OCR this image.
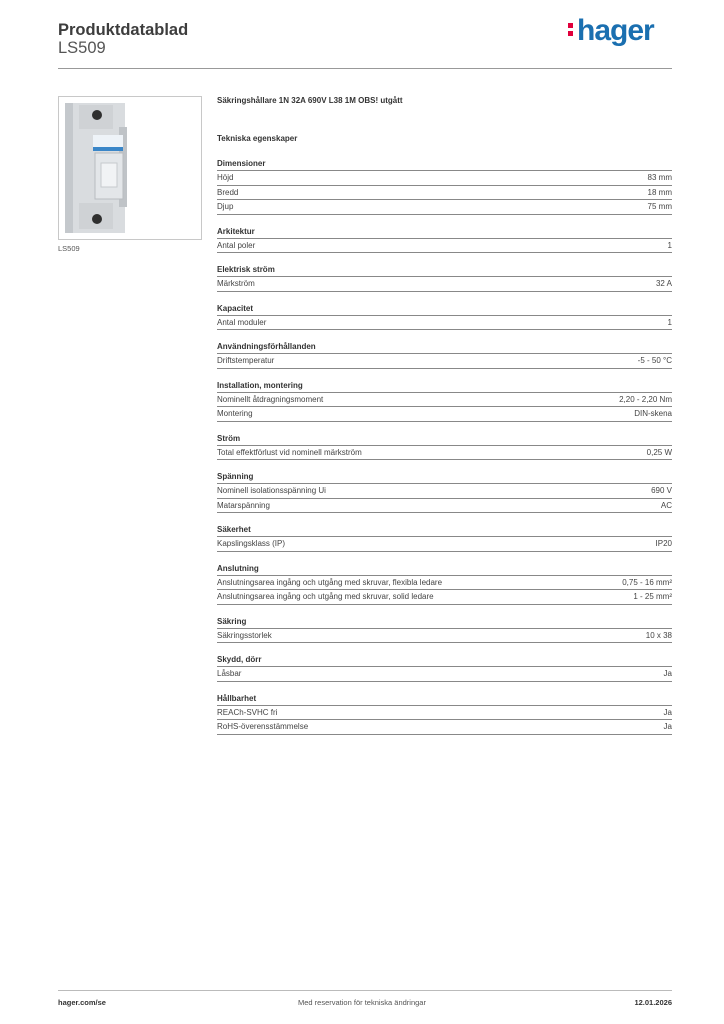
Produktdatablad
LS509
hager
LS509
Säkringshållare 1N 32A 690V L38 1M OBS! utgått
Tekniska egenskaper
Dimensioner
Höjd	83 mm
Bredd	18 mm
Djup	75 mm
Arkitektur
Antal poler	1
Elektrisk ström
Märkström	32 A
Kapacitet
Antal moduler	1
Användningsförhållanden
Driftstemperatur	-5 - 50 °C
Installation, montering
Nominellt åtdragningsmoment	2,20 - 2,20 Nm
Montering	DIN-skena
Ström
Total effektförlust vid nominell märkström	0,25 W
Spänning
Nominell isolationsspänning Ui	690 V
Matarspänning	AC
Säkerhet
Kapslingsklass (IP)	IP20
Anslutning
Anslutningsarea ingång och utgång med skruvar, flexibla ledare	0,75 - 16 mm²
Anslutningsarea ingång och utgång med skruvar, solid ledare	1 - 25 mm²
Säkring
Säkringsstorlek	10 x 38
Skydd, dörr
Låsbar	Ja
Hållbarhet
REACh-SVHC fri	Ja
RoHS-överensstämmelse	Ja
hager.com/se	Med reservation för tekniska ändringar	12.01.2026
